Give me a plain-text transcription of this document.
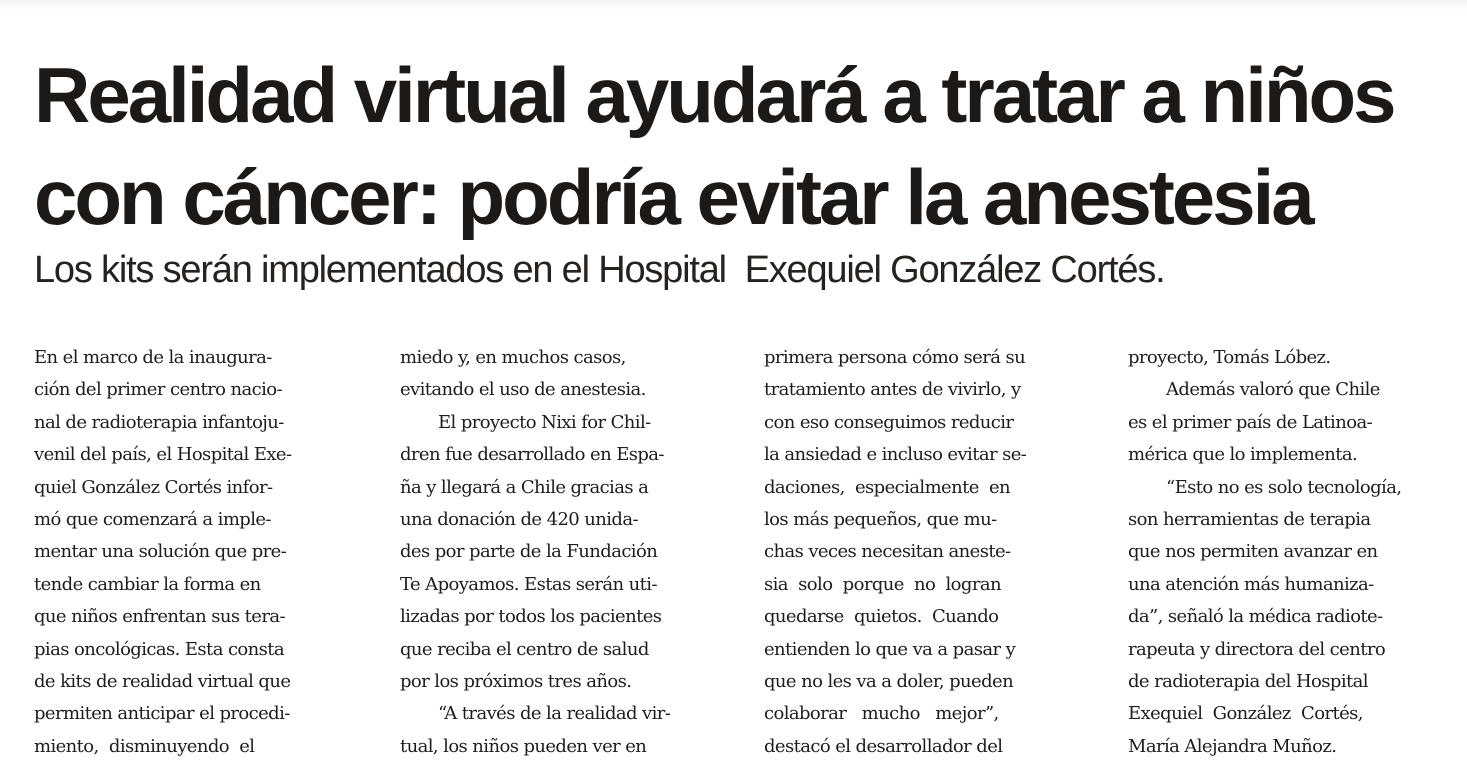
Realidad virtual ayudará a tratar a niños
con cáncer: podría evitar la anestesia

Los kits serán implementados en el Hospital  Exequiel González Cortés.

En el marco de la inaugura-
ción del primer centro nacio-
nal de radioterapia infantoju-
venil del país, el Hospital Exe-
quiel González Cortés infor-
mó que comenzará a imple-
mentar una solución que pre-
tende cambiar la forma en
que niños enfrentan sus tera-
pias oncológicas. Esta consta
de kits de realidad virtual que
permiten anticipar el procedi-
miento,  disminuyendo  el
miedo y, en muchos casos,
evitando el uso de anestesia.
El proyecto Nixi for Chil-
dren fue desarrollado en Espa-
ña y llegará a Chile gracias a
una donación de 420 unida-
des por parte de la Fundación
Te Apoyamos. Estas serán uti-
lizadas por todos los pacientes
que reciba el centro de salud
por los próximos tres años.
“A través de la realidad vir-
tual, los niños pueden ver en
primera persona cómo será su
tratamiento antes de vivirlo, y
con eso conseguimos reducir
la ansiedad e incluso evitar se-
daciones,  especialmente  en
los más pequeños, que mu-
chas veces necesitan aneste-
sia  solo  porque  no  logran
quedarse  quietos.  Cuando
entienden lo que va a pasar y
que no les va a doler, pueden
colaborar   mucho   mejor”,
destacó el desarrollador del
proyecto, Tomás Lóbez.
Además valoró que Chile
es el primer país de Latinoa-
mérica que lo implementa.
“Esto no es solo tecnología,
son herramientas de terapia
que nos permiten avanzar en
una atención más humaniza-
da”, señaló la médica radiote-
rapeuta y directora del centro
de radioterapia del Hospital
Exequiel  González  Cortés,
María Alejandra Muñoz.
